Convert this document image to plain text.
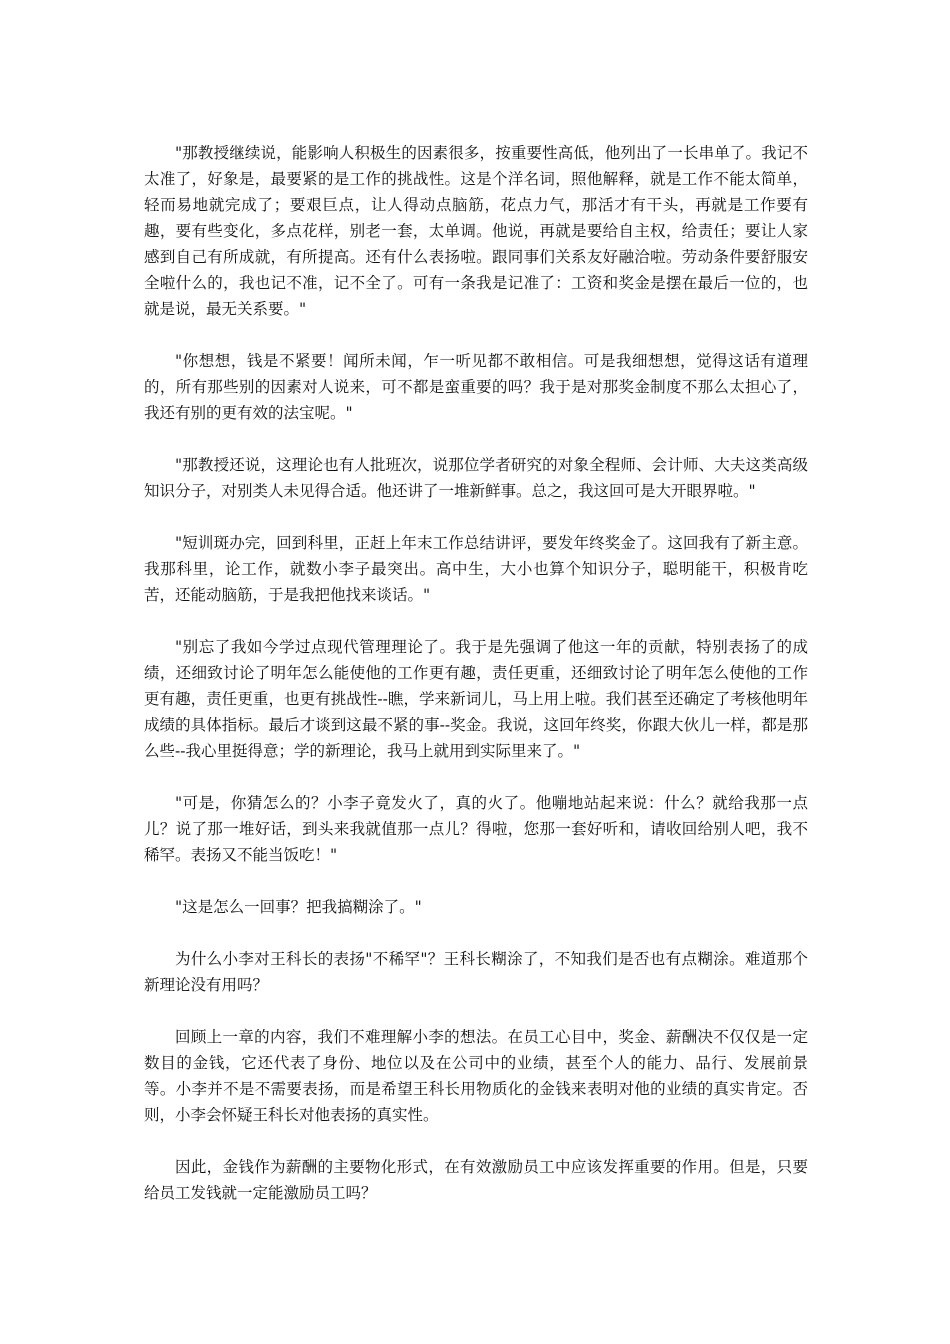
"那教授继续说，能影响人积极生的因素很多，按重要性高低，他列出了一长串单了。我记不太准了，好象是，最要紧的是工作的挑战性。这是个洋名词，照他解释，就是工作不能太简单，轻而易地就完成了；要艰巨点，让人得动点脑筋，花点力气，那活才有干头，再就是工作要有趣，要有些变化，多点花样，别老一套，太单调。他说，再就是要给自主权，给责任；要让人家感到自己有所成就，有所提高。还有什么表扬啦。跟同事们关系友好融洽啦。劳动条件要舒服安全啦什么的，我也记不准，记不全了。可有一条我是记准了：工资和奖金是摆在最后一位的，也就是说，最无关系要。"

"你想想，钱是不紧要！闻所未闻，乍一听见都不敢相信。可是我细想想，觉得这话有道理的，所有那些别的因素对人说来，可不都是蛮重要的吗？我于是对那奖金制度不那么太担心了，我还有别的更有效的法宝呢。"

"那教授还说，这理论也有人批班次，说那位学者研究的对象全程师、会计师、大夫这类高级知识分子，对别类人未见得合适。他还讲了一堆新鲜事。总之，我这回可是大开眼界啦。"

"短训斑办完，回到科里，正赶上年末工作总结讲评，要发年终奖金了。这回我有了新主意。我那科里，论工作，就数小李子最突出。高中生，大小也算个知识分子，聪明能干，积极肯吃苦，还能动脑筋，于是我把他找来谈话。"

"别忘了我如今学过点现代管理理论了。我于是先强调了他这一年的贡献，特别表扬了的成绩，还细致讨论了明年怎么能使他的工作更有趣，责任更重，还细致讨论了明年怎么使他的工作更有趣，责任更重，也更有挑战性--瞧，学来新词儿，马上用上啦。我们甚至还确定了考核他明年成绩的具体指标。最后才谈到这最不紧的事--奖金。我说，这回年终奖，你跟大伙儿一样，都是那么些--我心里挺得意；学的新理论，我马上就用到实际里来了。"

"可是，你猜怎么的？小李子竟发火了，真的火了。他嘣地站起来说：什么？就给我那一点儿？说了那一堆好话，到头来我就值那一点儿？得啦，您那一套好听和，请收回给别人吧，我不稀罕。表扬又不能当饭吃！"

"这是怎么一回事？把我搞糊涂了。"

为什么小李对王科长的表扬"不稀罕"？王科长糊涂了，不知我们是否也有点糊涂。难道那个新理论没有用吗？

回顾上一章的内容，我们不难理解小李的想法。在员工心目中，奖金、薪酬决不仅仅是一定数目的金钱，它还代表了身份、地位以及在公司中的业绩，甚至个人的能力、品行、发展前景等。小李并不是不需要表扬，而是希望王科长用物质化的金钱来表明对他的业绩的真实肯定。否则，小李会怀疑王科长对他表扬的真实性。

因此，金钱作为薪酬的主要物化形式，在有效激励员工中应该发挥重要的作用。但是，只要给员工发钱就一定能激励员工吗？
